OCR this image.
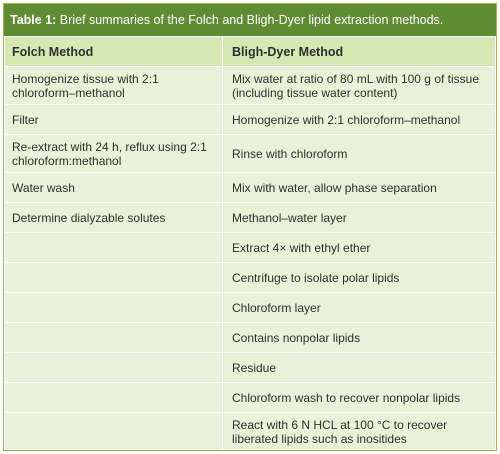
Table 1: Brief summaries of the Folch and Bligh-Dyer lipid extraction methods.
Folch Method	Bligh-Dyer Method
Homogenize tissue with 2:1 chloroform–methanol	Mix water at ratio of 80 mL with 100 g of tissue (including tissue water content)
Filter	Homogenize with 2:1 chloroform–methanol
Re-extract with 24 h, reflux using 2:1 chloroform:methanol	Rinse with chloroform
Water wash	Mix with water, allow phase separation
Determine dialyzable solutes	Methanol–water layer
	Extract 4× with ethyl ether
	Centrifuge to isolate polar lipids
	Chloroform layer
	Contains nonpolar lipids
	Residue
	Chloroform wash to recover nonpolar lipids
	React with 6 N HCL at 100 °C to recover liberated lipids such as inositides
